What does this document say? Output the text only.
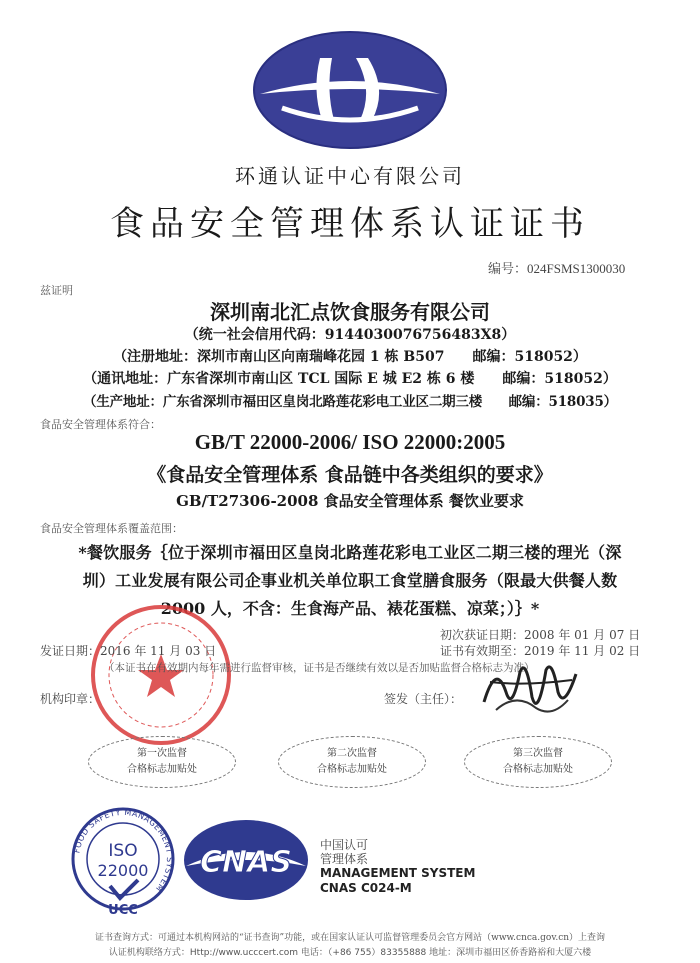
环通认证中心有限公司
食品安全管理体系认证证书
编号：024FSMS1300030
兹证明
深圳南北汇点饮食服务有限公司
（统一社会信用代码：9144030076756483X8）
（注册地址：深圳市南山区向南瑞峰花园 1 栋 B507　　邮编：518052）
（通讯地址：广东省深圳市南山区 TCL 国际 E 城 E2 栋 6 楼　　邮编：518052）
（生产地址：广东省深圳市福田区皇岗北路莲花彩电工业区二期三楼　　邮编：518035）
食品安全管理体系符合：
GB/T 22000-2006/ ISO 22000:2005
《食品安全管理体系 食品链中各类组织的要求》
GB/T27306-2008 食品安全管理体系 餐饮业要求
食品安全管理体系覆盖范围：
*餐饮服务｛位于深圳市福田区皇岗北路莲花彩电工业区二期三楼的理光（深
圳）工业发展有限公司企事业机关单位职工食堂膳食服务（限最大供餐人数
2000 人，不含：生食海产品、裱花蛋糕、凉菜；）｝*
初次获证日期：2008 年 01 月 07 日
发证日期：2016 年 11 月 03 日	证书有效期至：2019 年 11 月 02 日
（本证书在有效期内每年需进行监督审核，证书是否继续有效以是否加贴监督合格标志为准）
机构印章：	签发（主任）：
第一次监督
合格标志加贴处
第二次监督
合格标志加贴处
第三次监督
合格标志加贴处
FOOD SAFETY MANAGEMENT SYSTEM
ISO
22000
UCC
CNAS 中国认可
管理体系
MANAGEMENT SYSTEM
CNAS C024-M
证书查询方式：可通过本机构网站的“证书查询”功能，或在国家认证认可监督管理委员会官方网站（www.cnca.gov.cn）上查询
认证机构联络方式：Http://www.ucccert.com 电话：（+86 755）83355888 地址：深圳市福田区侨香路裕和大厦六楼
